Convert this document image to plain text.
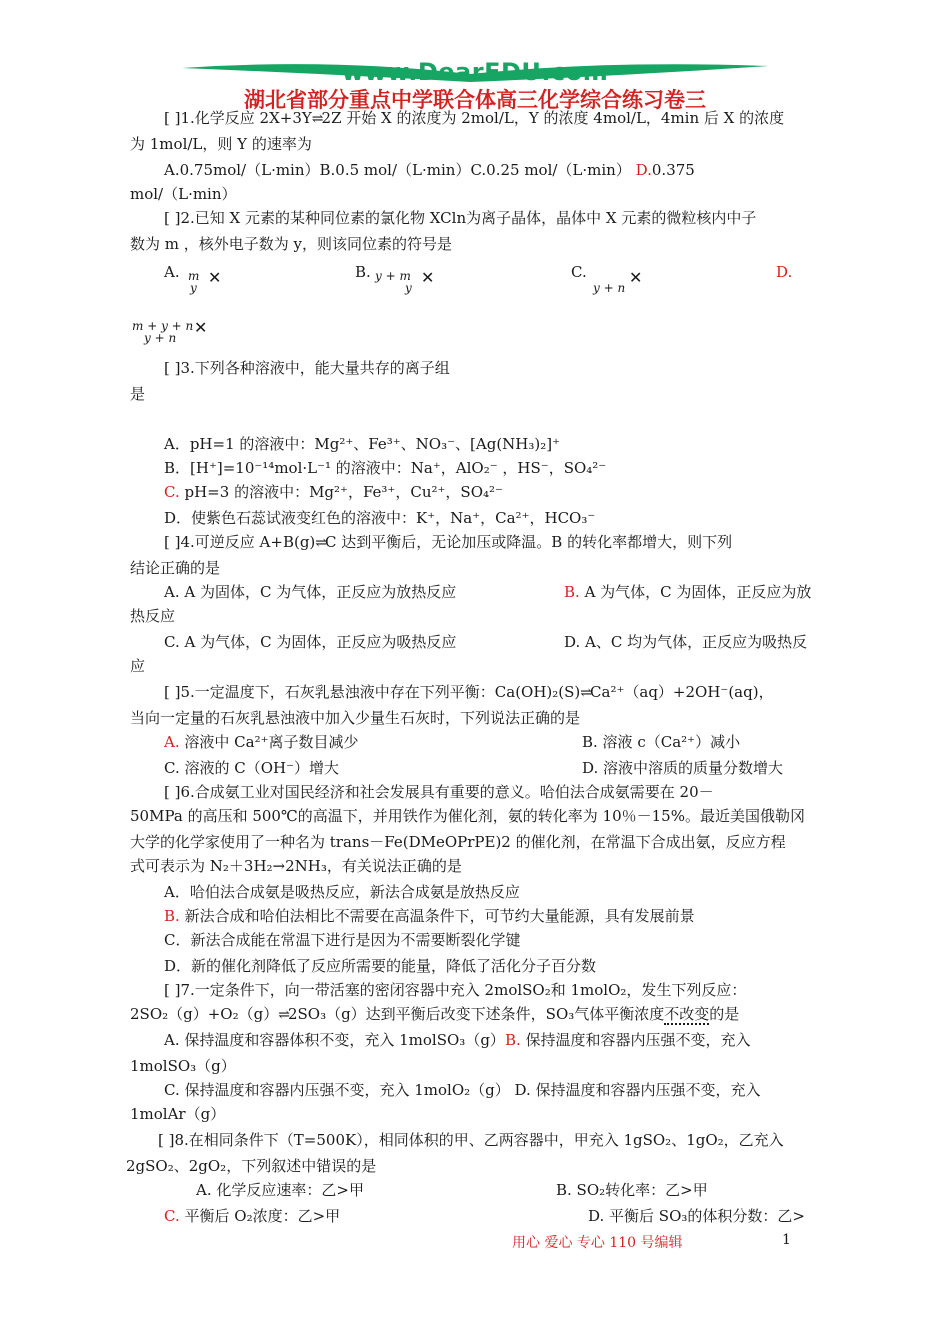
www.DearEDU.com
湖北省部分重点中学联合体高三化学综合练习卷三
[ ]1.化学反应 2X+3Y⇌2Z 开始 X 的浓度为 2mol/L，Y 的浓度 4mol/L，4min 后 X 的浓度
为 1mol/L，则 Y 的速率为
A.0.75mol/（L·min）B.0.5 mol/（L·min）C.0.25 mol/（L·min） D.0.375
mol/（L·min）
[ ]2.已知 X 元素的某种同位素的氯化物 XCln为离子晶体，晶体中 X 元素的微粒核内中子
数为 m ，核外电子数为 y，则该同位素的符号是
A. m
y
✕	B. y + m
y
✕	C.
y + n
✕	D.
m + y + n
y + n
✕
[ ]3.下列各种溶液中，能大量共存的离子组
是
A．pH=1 的溶液中：Mg²⁺、Fe³⁺、NO₃⁻、[Ag(NH₃)₂]⁺
B．[H⁺]=10⁻¹⁴mol·L⁻¹ 的溶液中：Na⁺，AlO₂⁻ ，HS⁻，SO₄²⁻
C. pH=3 的溶液中：Mg²⁺，Fe³⁺，Cu²⁺，SO₄²⁻
D．使紫色石蕊试液变红色的溶液中：K⁺，Na⁺，Ca²⁺，HCO₃⁻
[ ]4.可逆反应 A+B(g)⇌C 达到平衡后，无论加压或降温。B 的转化率都增大，则下列
结论正确的是
A. A 为固体，C 为气体，正反应为放热反应	B. A 为气体，C 为固体，正反应为放
热反应
C. A 为气体，C 为固体，正反应为吸热反应	D. A、C 均为气体，正反应为吸热反
应
[ ]5.一定温度下，石灰乳悬浊液中存在下列平衡：Ca(OH)₂(S)⇌Ca²⁺（aq）+2OH⁻(aq)，
当向一定量的石灰乳悬浊液中加入少量生石灰时，下列说法正确的是
A. 溶液中 Ca²⁺离子数目减少	B. 溶液 c（Ca²⁺）减小
C. 溶液的 C（OH⁻）增大	D. 溶液中溶质的质量分数增大
[ ]6.合成氨工业对国民经济和社会发展具有重要的意义。哈伯法合成氨需要在 20－
50MPa 的高压和 500℃的高温下，并用铁作为催化剂，氨的转化率为 10％－15%。最近美国俄勒冈
大学的化学家使用了一种名为 trans－Fe(DMeOPrPE)2 的催化剂，在常温下合成出氨，反应方程
式可表示为 N₂＋3H₂→2NH₃，有关说法正确的是
A．哈伯法合成氨是吸热反应，新法合成氨是放热反应
B. 新法合成和哈伯法相比不需要在高温条件下，可节约大量能源，具有发展前景
C．新法合成能在常温下进行是因为不需要断裂化学键
D．新的催化剂降低了反应所需要的能量，降低了活化分子百分数
[ ]7.一定条件下，向一带活塞的密闭容器中充入 2molSO₂和 1molO₂，发生下列反应：
2SO₂（g）+O₂（g）⇌2SO₃（g）达到平衡后改变下述条件，SO₃气体平衡浓度不改变的是
A. 保持温度和容器体积不变，充入 1molSO₃（g）B. 保持温度和容器内压强不变，充入
1molSO₃（g）
C. 保持温度和容器内压强不变，充入 1molO₂（g） D. 保持温度和容器内压强不变，充入
1molAr（g）
[ ]8.在相同条件下（T=500K），相同体积的甲、乙两容器中，甲充入 1gSO₂、1gO₂，乙充入
2gSO₂、2gO₂，下列叙述中错误的是
A. 化学反应速率：乙>甲	B. SO₂转化率：乙>甲
C. 平衡后 O₂浓度：乙>甲	D. 平衡后 SO₃的体积分数：乙>
用心 爱心 专心 110 号编辑	1
